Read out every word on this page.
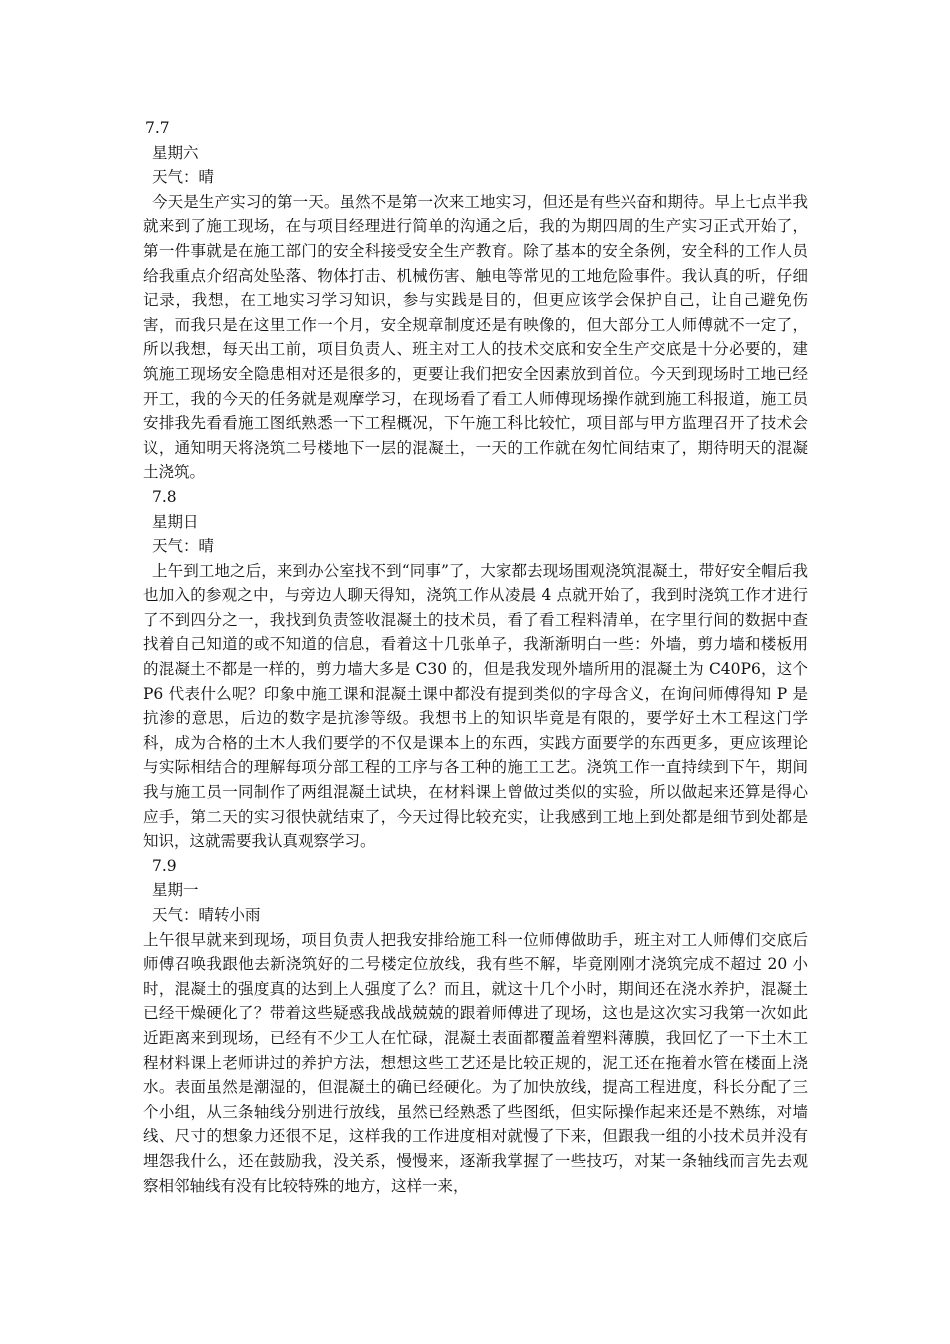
7.7
星期六
天气：晴

今天是生产实习的第一天。虽然不是第一次来工地实习，但还是有些兴奋和期待。早上七点半我就来到了施工现场，在与项目经理进行简单的沟通之后，我的为期四周的生产实习正式开始了，第一件事就是在施工部门的安全科接受安全生产教育。除了基本的安全条例，安全科的工作人员给我重点介绍高处坠落、物体打击、机械伤害、触电等常见的工地危险事件。我认真的听，仔细记录，我想，在工地实习学习知识，参与实践是目的，但更应该学会保护自己，让自己避免伤害，而我只是在这里工作一个月，安全规章制度还是有映像的，但大部分工人师傅就不一定了，所以我想，每天出工前，项目负责人、班主对工人的技术交底和安全生产交底是十分必要的，建筑施工现场安全隐患相对还是很多的，更要让我们把安全因素放到首位。今天到现场时工地已经开工，我的今天的任务就是观摩学习，在现场看了看工人师傅现场操作就到施工科报道，施工员安排我先看看施工图纸熟悉一下工程概况，下午施工科比较忙，项目部与甲方监理召开了技术会议，通知明天将浇筑二号楼地下一层的混凝土，一天的工作就在匆忙间结束了，期待明天的混凝土浇筑。

7.8
星期日
天气：晴

上午到工地之后，来到办公室找不到“同事”了，大家都去现场围观浇筑混凝土，带好安全帽后我也加入的参观之中，与旁边人聊天得知，浇筑工作从凌晨 4 点就开始了，我到时浇筑工作才进行了不到四分之一，我找到负责签收混凝土的技术员，看了看工程料清单，在字里行间的数据中查找着自己知道的或不知道的信息，看着这十几张单子，我渐渐明白一些：外墙，剪力墙和楼板用的混凝土不都是一样的，剪力墙大多是 C30 的，但是我发现外墙所用的混凝土为 C40P6，这个 P6 代表什么呢？印象中施工课和混凝土课中都没有提到类似的字母含义，在询问师傅得知 P 是抗渗的意思，后边的数字是抗渗等级。我想书上的知识毕竟是有限的，要学好土木工程这门学科，成为合格的土木人我们要学的不仅是课本上的东西，实践方面要学的东西更多，更应该理论与实际相结合的理解每项分部工程的工序与各工种的施工工艺。浇筑工作一直持续到下午，期间我与施工员一同制作了两组混凝土试块，在材料课上曾做过类似的实验，所以做起来还算是得心应手，第二天的实习很快就结束了，今天过得比较充实，让我感到工地上到处都是细节到处都是知识，这就需要我认真观察学习。

7.9
星期一
天气：晴转小雨

上午很早就来到现场，项目负责人把我安排给施工科一位师傅做助手，班主对工人师傅们交底后师傅召唤我跟他去新浇筑好的二号楼定位放线，我有些不解，毕竟刚刚才浇筑完成不超过 20 小时，混凝土的强度真的达到上人强度了么？而且，就这十几个小时，期间还在浇水养护，混凝土已经干燥硬化了？带着这些疑惑我战战兢兢的跟着师傅进了现场，这也是这次实习我第一次如此近距离来到现场，已经有不少工人在忙碌，混凝土表面都覆盖着塑料薄膜，我回忆了一下土木工程材料课上老师讲过的养护方法，想想这些工艺还是比较正规的，泥工还在拖着水管在楼面上浇水。表面虽然是潮湿的，但混凝土的确已经硬化。为了加快放线，提高工程进度，科长分配了三个小组，从三条轴线分别进行放线，虽然已经熟悉了些图纸，但实际操作起来还是不熟练，对墙线、尺寸的想象力还很不足，这样我的工作进度相对就慢了下来，但跟我一组的小技术员并没有埋怨我什么，还在鼓励我，没关系，慢慢来，逐渐我掌握了一些技巧，对某一条轴线而言先去观察相邻轴线有没有比较特殊的地方，这样一来，
